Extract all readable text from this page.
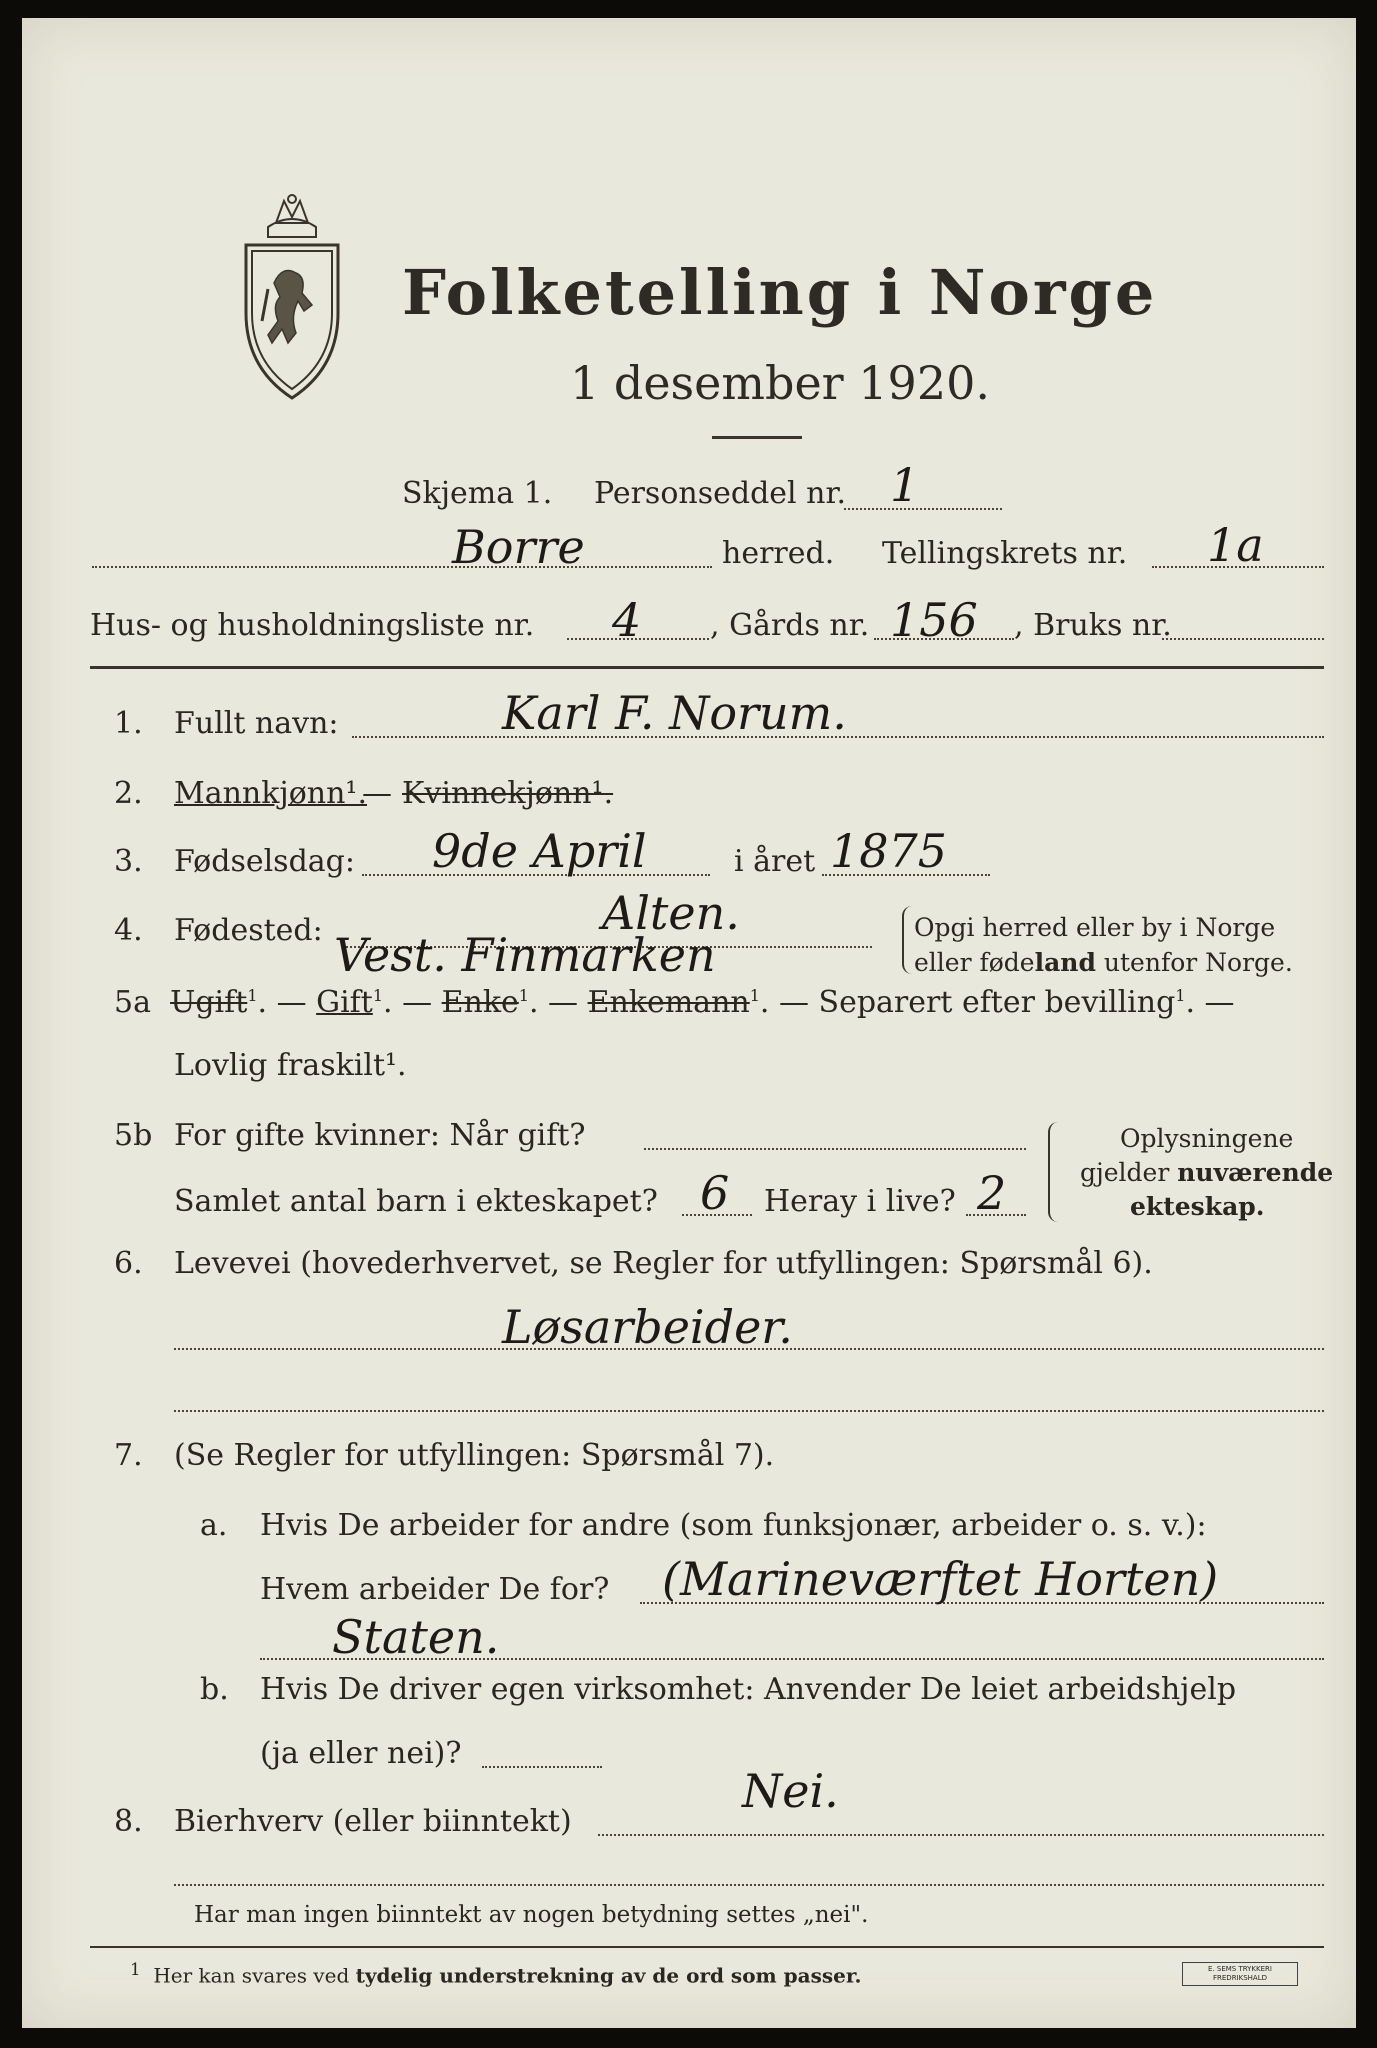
Folketelling i Norge
1 desember 1920.
Skjema 1. Personseddel nr. 1
Borre	herred. Tellingskrets nr. 1a
Hus- og husholdningsliste nr. 4 , Gårds nr. 156 , Bruks nr.
1. Fullt navn:	Karl F. Norum.
2. Mannkjønn¹.
— Kvinnekjønn¹.
3. Fødselsdag: 9de April	i året 1875
4. Fødested:	Alten.
Vest. Finmarken
Opgi herred eller by i Norge
eller fødeland utenfor Norge.
5a Ugift$^1$. — Gift$^1$. — Enke$^1$. — Enkemann$^1$. — Separert efter bevilling$^1$. —
Lovlig fraskilt¹.
5b For gifte kvinner: Når gift?
Samlet antal barn i ekteskapet? 6 Heray i live? 2
Oplysningene
gjelder nuværende
ekteskap.
6. Levevei (hovederhvervet, se Regler for utfyllingen: Spørsmål 6).
Løsarbeider.
7. (Se Regler for utfyllingen: Spørsmål 7).
a. Hvis De arbeider for andre (som funksjonær, arbeider o. s. v.):
Hvem arbeider De for? (Marineværftet Horten)
Staten.
b. Hvis De driver egen virksomhet: Anvender De leiet arbeidshjelp
(ja eller nei)?
8. Bierhverv (eller biinntekt)
Nei.
Har man ingen biinntekt av nogen betydning settes „nei".
$^1$ Her kan svares ved tydelig understrekning av de ord som passer.	E. SEMS TRYKKERI
FREDRIKSHALD
